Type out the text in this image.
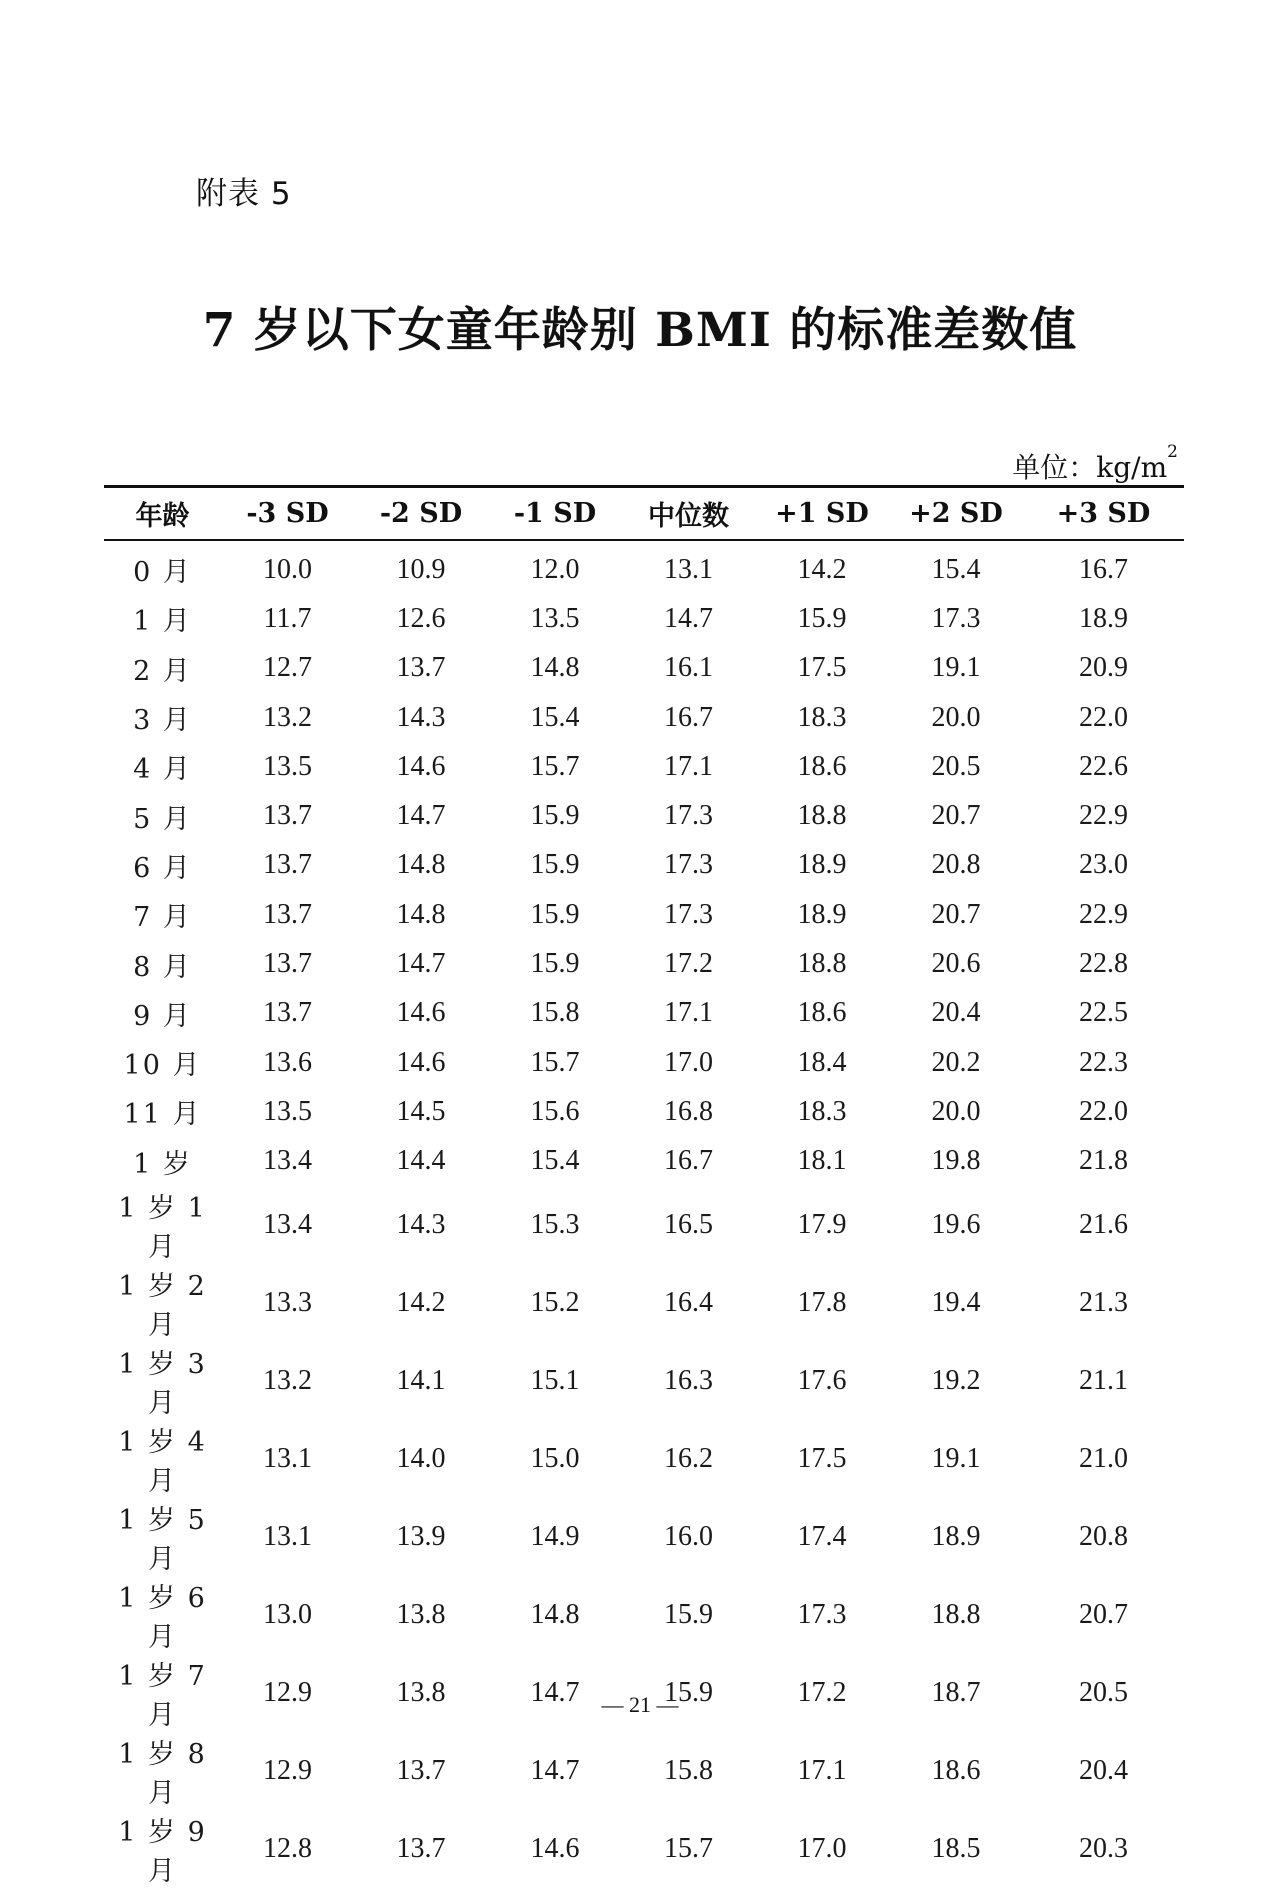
附表 5
7 岁以下女童年龄别 BMI 的标准差数值
单位：$kg/m^2$
年龄	-3 SD	-2 SD	-1 SD	中位数	+1 SD	+2 SD	+3 SD
0 月	10.0	10.9	12.0	13.1	14.2	15.4	16.7
1 月	11.7	12.6	13.5	14.7	15.9	17.3	18.9
2 月	12.7	13.7	14.8	16.1	17.5	19.1	20.9
3 月	13.2	14.3	15.4	16.7	18.3	20.0	22.0
4 月	13.5	14.6	15.7	17.1	18.6	20.5	22.6
5 月	13.7	14.7	15.9	17.3	18.8	20.7	22.9
6 月	13.7	14.8	15.9	17.3	18.9	20.8	23.0
7 月	13.7	14.8	15.9	17.3	18.9	20.7	22.9
8 月	13.7	14.7	15.9	17.2	18.8	20.6	22.8
9 月	13.7	14.6	15.8	17.1	18.6	20.4	22.5
10 月	13.6	14.6	15.7	17.0	18.4	20.2	22.3
11 月	13.5	14.5	15.6	16.8	18.3	20.0	22.0
1 岁	13.4	14.4	15.4	16.7	18.1	19.8	21.8
1 岁 1 月	13.4	14.3	15.3	16.5	17.9	19.6	21.6
1 岁 2 月	13.3	14.2	15.2	16.4	17.8	19.4	21.3
1 岁 3 月	13.2	14.1	15.1	16.3	17.6	19.2	21.1
1 岁 4 月	13.1	14.0	15.0	16.2	17.5	19.1	21.0
1 岁 5 月	13.1	13.9	14.9	16.0	17.4	18.9	20.8
1 岁 6 月	13.0	13.8	14.8	15.9	17.3	18.8	20.7
1 岁 7 月	12.9	13.8	14.7	15.9	17.2	18.7	20.5
1 岁 8 月	12.9	13.7	14.7	15.8	17.1	18.6	20.4
1 岁 9 月	12.8	13.7	14.6	15.7	17.0	18.5	20.3
— 21 —
